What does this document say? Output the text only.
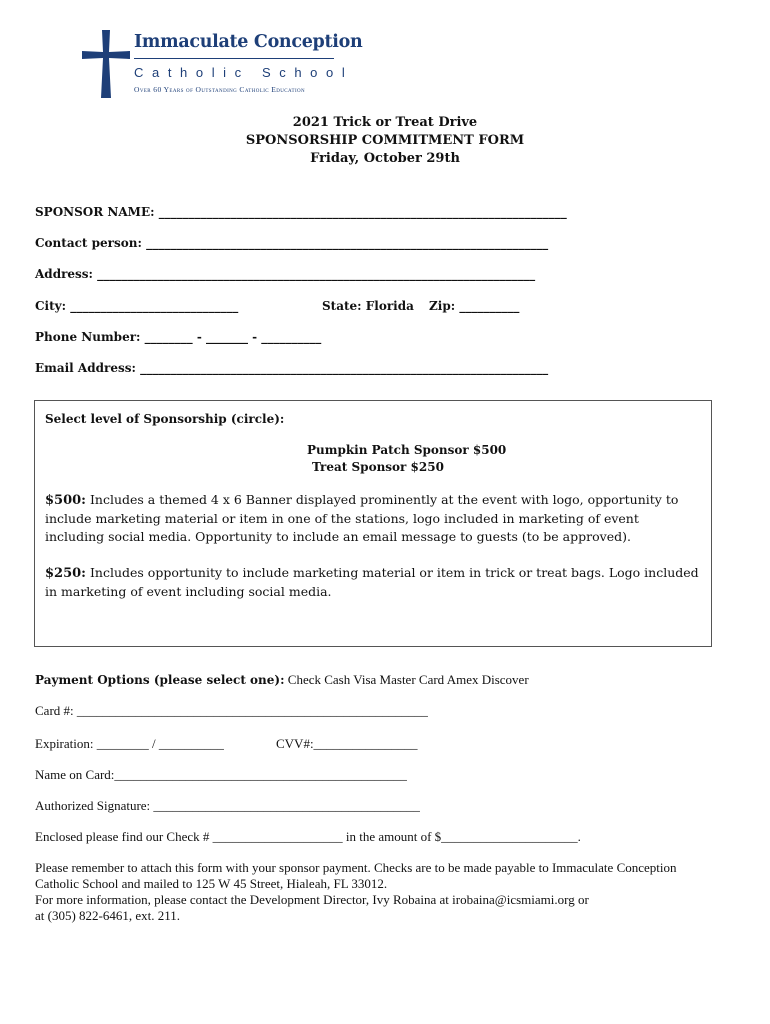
Immaculate Conception
Catholic School
Over 60 Years of Outstanding Catholic Education
2021 Trick or Treat Drive
SPONSORSHIP COMMITMENT FORM
Friday, October 29th
SPONSOR NAME: ____________________________________________________________________
Contact person: ___________________________________________________________________
Address: _________________________________________________________________________
City: ____________________________	State: Florida Zip: __________
Phone Number: ________ - _______ - __________
Email Address: ____________________________________________________________________
Select level of Sponsorship (circle):
Pumpkin Patch Sponsor $500
Treat Sponsor $250
$500: Includes a themed 4 x 6 Banner displayed prominently at the event with logo, opportunity to
include marketing material or item in one of the stations, logo included in marketing of event
including social media. Opportunity to include an email message to guests (to be approved).
$250: Includes opportunity to include marketing material or item in trick or treat bags. Logo included
in marketing of event including social media.
Payment Options (please select one): Check Cash Visa Master Card Amex Discover
Card #: ______________________________________________________
Expiration: ________ / __________	CVV#:________________
Name on Card:_____________________________________________
Authorized Signature: _________________________________________
Enclosed please find our Check # ____________________ in the amount of $_____________________.
Please remember to attach this form with your sponsor payment. Checks are to be made payable to Immaculate Conception
Catholic School and mailed to 125 W 45 Street, Hialeah, FL 33012.
For more information, please contact the Development Director, Ivy Robaina at irobaina@icsmiami.org or
at (305) 822-6461, ext. 211.
